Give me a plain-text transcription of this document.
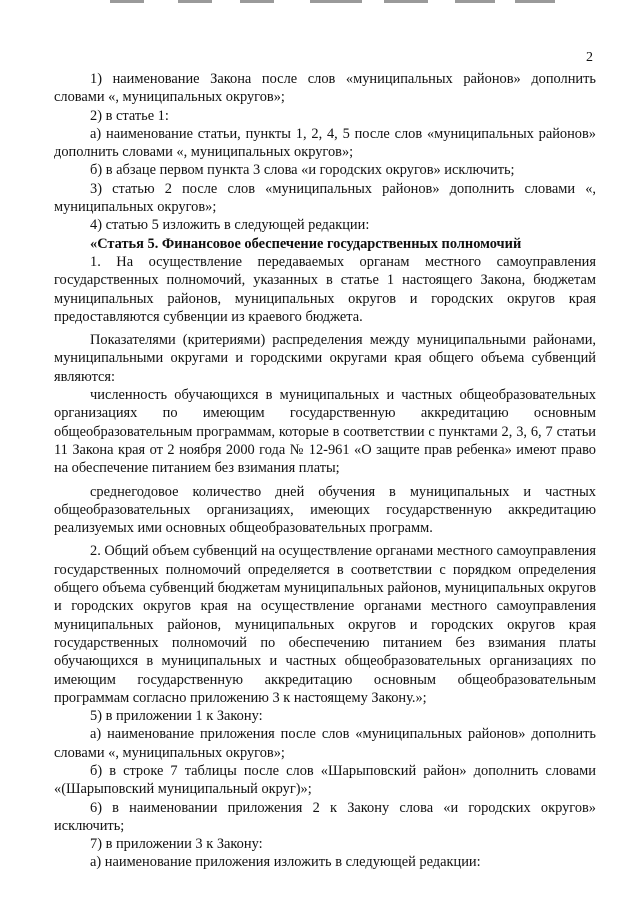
2

1) наименование Закона после слов «муниципальных районов» дополнить словами «, муниципальных округов»;

2) в статье 1:

а) наименование статьи, пункты 1, 2, 4, 5 после слов «муниципальных районов» дополнить словами «, муниципальных округов»;

б) в абзаце первом пункта 3 слова «и городских округов» исключить;

3) статью 2 после слов «муниципальных районов» дополнить словами «, муниципальных округов»;

4) статью 5 изложить в следующей редакции:

«Статья 5. Финансовое обеспечение государственных полномочий

1. На осуществление передаваемых органам местного самоуправления государственных полномочий, указанных в статье 1 настоящего Закона, бюджетам муниципальных районов, муниципальных округов и городских округов края предоставляются субвенции из краевого бюджета.

Показателями (критериями) распределения между муниципальными районами, муниципальными округами и городскими округами края общего объема субвенций являются:

численность обучающихся в муниципальных и частных общеобразовательных организациях по имеющим государственную аккредитацию основным общеобразовательным программам, которые в соответствии с пунктами 2, 3, 6, 7 статьи 11 Закона края от 2 ноября 2000 года № 12-961 «О защите прав ребенка» имеют право на обеспечение питанием без взимания платы;

среднегодовое количество дней обучения в муниципальных и частных общеобразовательных организациях, имеющих государственную аккредитацию реализуемых ими основных общеобразовательных программ.

2. Общий объем субвенций на осуществление органами местного самоуправления государственных полномочий определяется в соответствии с порядком определения общего объема субвенций бюджетам муниципальных районов, муниципальных округов и городских округов края на осуществление органами местного самоуправления муниципальных районов, муниципальных округов и городских округов края государственных полномочий по обеспечению питанием без взимания платы обучающихся в муниципальных и частных общеобразовательных организациях по имеющим государственную аккредитацию основным общеобразовательным программам согласно приложению 3 к настоящему Закону.»;

5) в приложении 1 к Закону:

а) наименование приложения после слов «муниципальных районов» дополнить словами «, муниципальных округов»;

б) в строке 7 таблицы после слов «Шарыповский район» дополнить словами «(Шарыповский муниципальный округ)»;

6) в наименовании приложения 2 к Закону слова «и городских округов» исключить;

7) в приложении 3 к Закону:

а) наименование приложения изложить в следующей редакции:
